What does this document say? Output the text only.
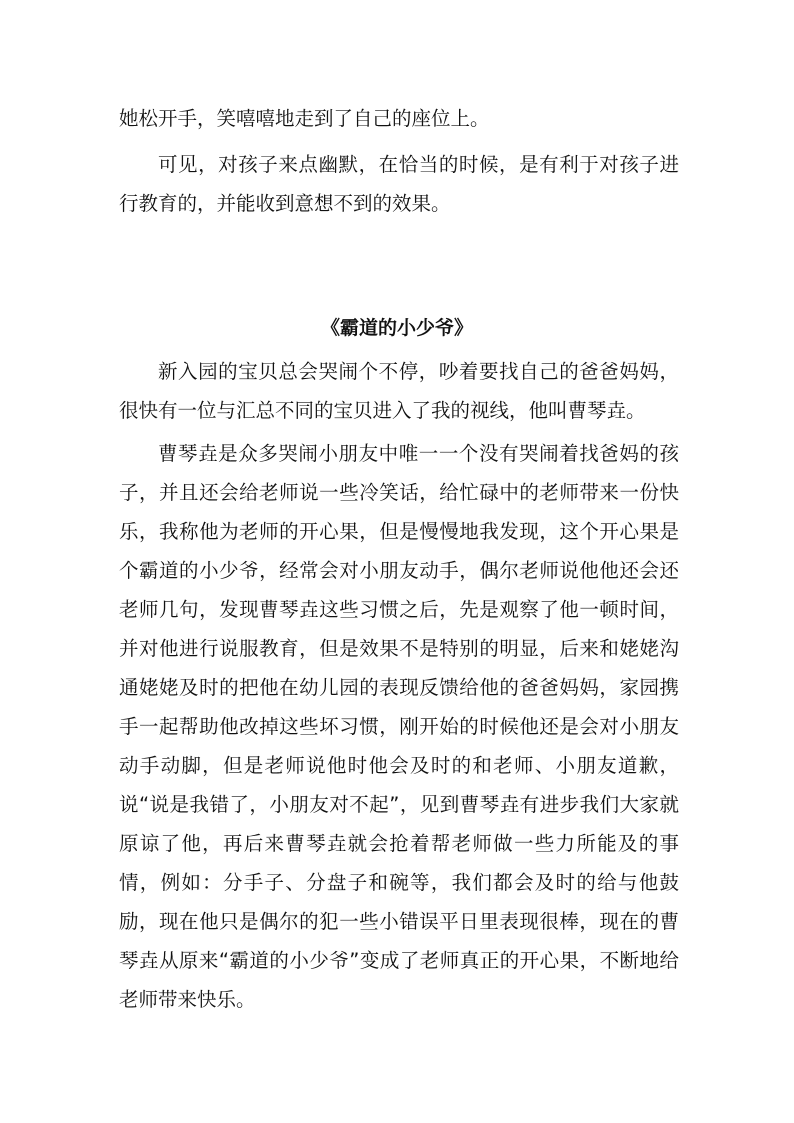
她松开手，笑嘻嘻地走到了自己的座位上。

可见，对孩子来点幽默，在恰当的时候，是有利于对孩子进行教育的，并能收到意想不到的效果。

《霸道的小少爷》

新入园的宝贝总会哭闹个不停，吵着要找自己的爸爸妈妈，很快有一位与汇总不同的宝贝进入了我的视线，他叫曹琴垚。

曹琴垚是众多哭闹小朋友中唯一一个没有哭闹着找爸妈的孩子，并且还会给老师说一些冷笑话，给忙碌中的老师带来一份快乐，我称他为老师的开心果，但是慢慢地我发现，这个开心果是个霸道的小少爷，经常会对小朋友动手，偶尔老师说他他还会还老师几句，发现曹琴垚这些习惯之后，先是观察了他一顿时间，并对他进行说服教育，但是效果不是特别的明显，后来和姥姥沟通姥姥及时的把他在幼儿园的表现反馈给他的爸爸妈妈，家园携手一起帮助他改掉这些坏习惯，刚开始的时候他还是会对小朋友动手动脚，但是老师说他时他会及时的和老师、小朋友道歉，说“说是我错了，小朋友对不起”，见到曹琴垚有进步我们大家就原谅了他，再后来曹琴垚就会抢着帮老师做一些力所能及的事情，例如：分手子、分盘子和碗等，我们都会及时的给与他鼓励，现在他只是偶尔的犯一些小错误平日里表现很棒，现在的曹琴垚从原来“霸道的小少爷”变成了老师真正的开心果，不断地给老师带来快乐。
